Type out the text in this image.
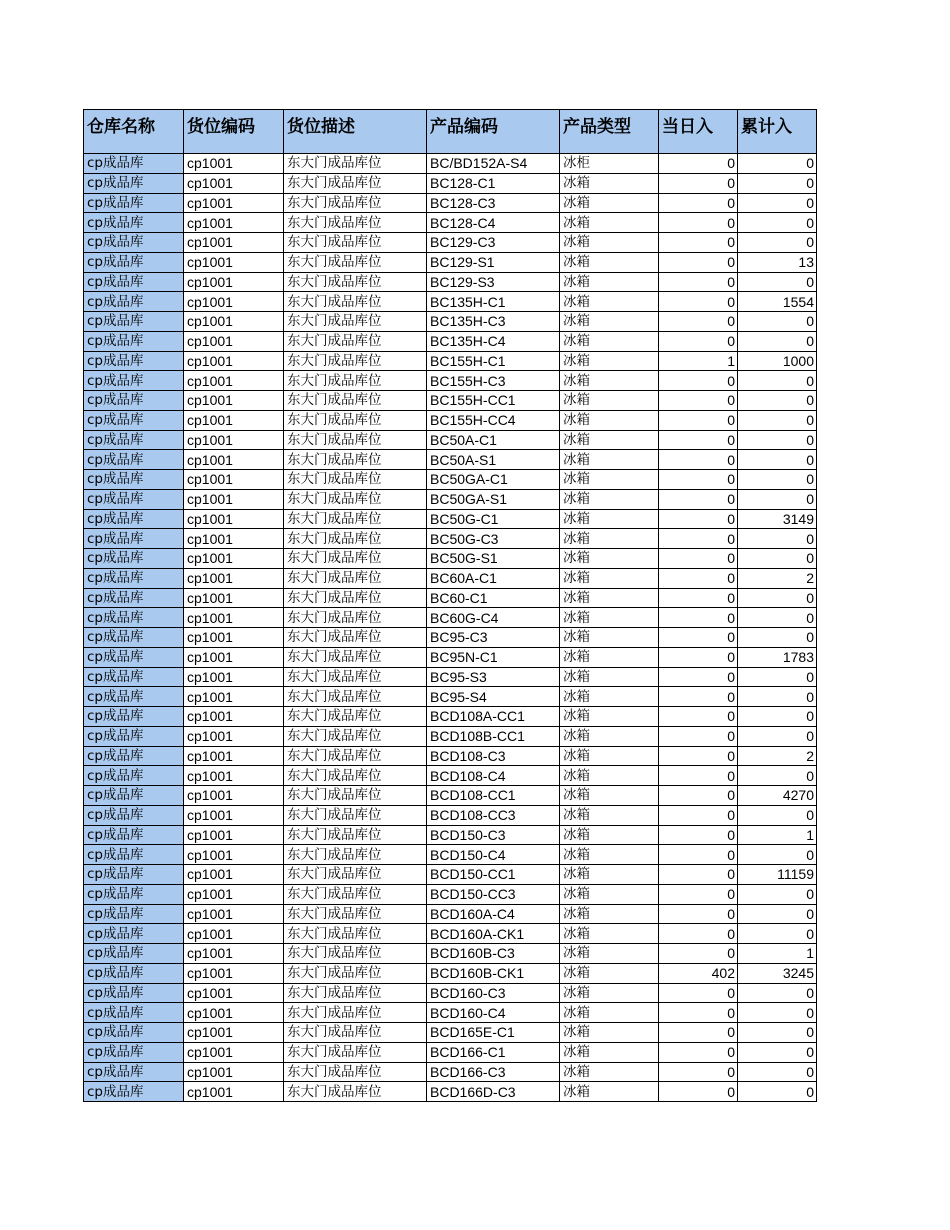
仓库名称	货位编码	货位描述	产品编码	产品类型	当日入	累计入
cp成品库	cp1001	东大门成品库位	BC/BD152A-S4	冰柜	0	0
cp成品库	cp1001	东大门成品库位	BC128-C1	冰箱	0	0
cp成品库	cp1001	东大门成品库位	BC128-C3	冰箱	0	0
cp成品库	cp1001	东大门成品库位	BC128-C4	冰箱	0	0
cp成品库	cp1001	东大门成品库位	BC129-C3	冰箱	0	0
cp成品库	cp1001	东大门成品库位	BC129-S1	冰箱	0	13
cp成品库	cp1001	东大门成品库位	BC129-S3	冰箱	0	0
cp成品库	cp1001	东大门成品库位	BC135H-C1	冰箱	0	1554
cp成品库	cp1001	东大门成品库位	BC135H-C3	冰箱	0	0
cp成品库	cp1001	东大门成品库位	BC135H-C4	冰箱	0	0
cp成品库	cp1001	东大门成品库位	BC155H-C1	冰箱	1	1000
cp成品库	cp1001	东大门成品库位	BC155H-C3	冰箱	0	0
cp成品库	cp1001	东大门成品库位	BC155H-CC1	冰箱	0	0
cp成品库	cp1001	东大门成品库位	BC155H-CC4	冰箱	0	0
cp成品库	cp1001	东大门成品库位	BC50A-C1	冰箱	0	0
cp成品库	cp1001	东大门成品库位	BC50A-S1	冰箱	0	0
cp成品库	cp1001	东大门成品库位	BC50GA-C1	冰箱	0	0
cp成品库	cp1001	东大门成品库位	BC50GA-S1	冰箱	0	0
cp成品库	cp1001	东大门成品库位	BC50G-C1	冰箱	0	3149
cp成品库	cp1001	东大门成品库位	BC50G-C3	冰箱	0	0
cp成品库	cp1001	东大门成品库位	BC50G-S1	冰箱	0	0
cp成品库	cp1001	东大门成品库位	BC60A-C1	冰箱	0	2
cp成品库	cp1001	东大门成品库位	BC60-C1	冰箱	0	0
cp成品库	cp1001	东大门成品库位	BC60G-C4	冰箱	0	0
cp成品库	cp1001	东大门成品库位	BC95-C3	冰箱	0	0
cp成品库	cp1001	东大门成品库位	BC95N-C1	冰箱	0	1783
cp成品库	cp1001	东大门成品库位	BC95-S3	冰箱	0	0
cp成品库	cp1001	东大门成品库位	BC95-S4	冰箱	0	0
cp成品库	cp1001	东大门成品库位	BCD108A-CC1	冰箱	0	0
cp成品库	cp1001	东大门成品库位	BCD108B-CC1	冰箱	0	0
cp成品库	cp1001	东大门成品库位	BCD108-C3	冰箱	0	2
cp成品库	cp1001	东大门成品库位	BCD108-C4	冰箱	0	0
cp成品库	cp1001	东大门成品库位	BCD108-CC1	冰箱	0	4270
cp成品库	cp1001	东大门成品库位	BCD108-CC3	冰箱	0	0
cp成品库	cp1001	东大门成品库位	BCD150-C3	冰箱	0	1
cp成品库	cp1001	东大门成品库位	BCD150-C4	冰箱	0	0
cp成品库	cp1001	东大门成品库位	BCD150-CC1	冰箱	0	11159
cp成品库	cp1001	东大门成品库位	BCD150-CC3	冰箱	0	0
cp成品库	cp1001	东大门成品库位	BCD160A-C4	冰箱	0	0
cp成品库	cp1001	东大门成品库位	BCD160A-CK1	冰箱	0	0
cp成品库	cp1001	东大门成品库位	BCD160B-C3	冰箱	0	1
cp成品库	cp1001	东大门成品库位	BCD160B-CK1	冰箱	402	3245
cp成品库	cp1001	东大门成品库位	BCD160-C3	冰箱	0	0
cp成品库	cp1001	东大门成品库位	BCD160-C4	冰箱	0	0
cp成品库	cp1001	东大门成品库位	BCD165E-C1	冰箱	0	0
cp成品库	cp1001	东大门成品库位	BCD166-C1	冰箱	0	0
cp成品库	cp1001	东大门成品库位	BCD166-C3	冰箱	0	0
cp成品库	cp1001	东大门成品库位	BCD166D-C3	冰箱	0	0
